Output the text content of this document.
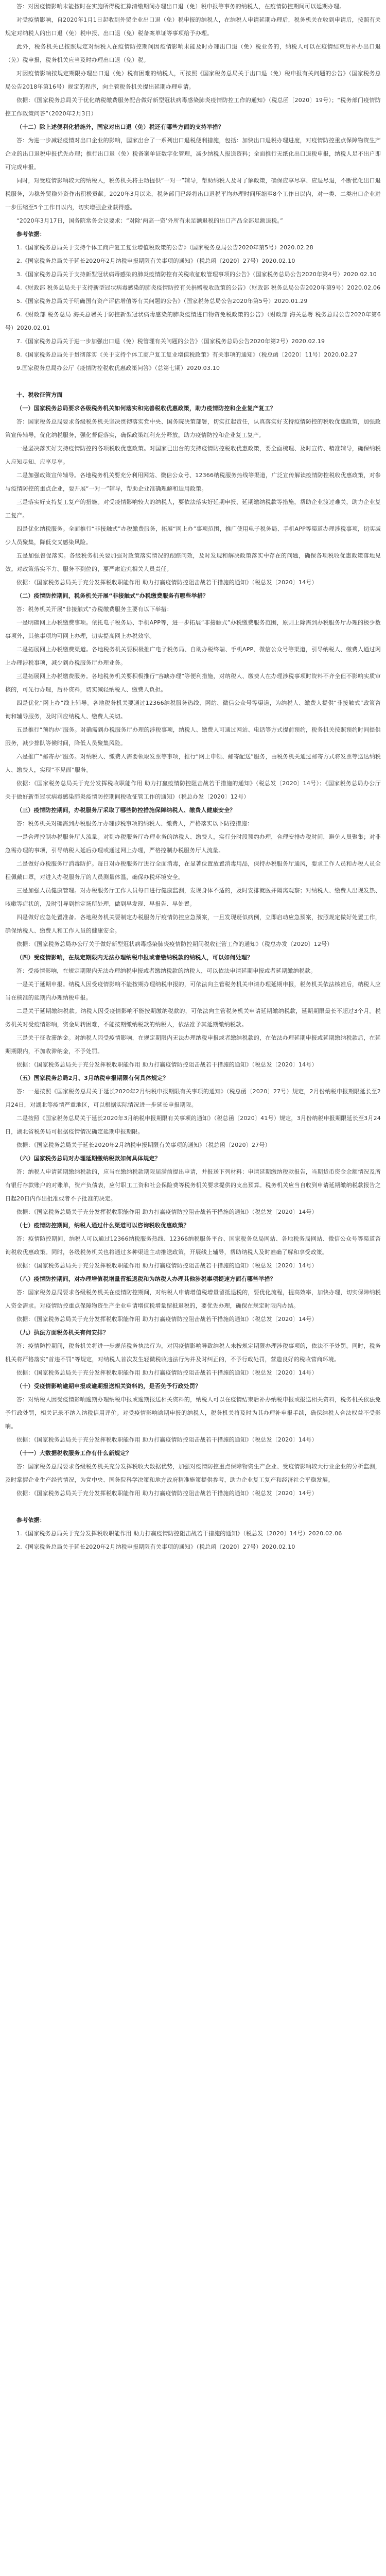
答：对因疫情影响未能按时在实施所得税汇算清缴期间办理出口退（免）税申报等事务的纳税人，在疫情防控期间可以延期办理。

对受疫情影响，自2020年1月1日起收到外贸企业出口退（免）税申报的纳税人，在纳税人申请延期办理后，税务机关在收到申请后，按照有关规定对纳税人的出口退（免）税申报、出口退（免）税备案单证等事项给予办理。

此外，税务机关已按照规定对纳税人在疫情防控期间因疫情影响未能及时办理出口退（免）税业务的，纳税人可以在疫情结束后补办出口退（免）税申报，税务机关应当及时办理出口退（免）税。

对因疫情影响按规定期限办理出口退（免）税有困难的纳税人，可按照《国家税务总局关于出口退（免）税申报有关问题的公告》（国家税务总局公告2018年第16号）规定的程序，向主管税务机关提出延期办理申请。

依据：《国家税务总局关于优化纳税缴费服务配合做好新型冠状病毒感染肺炎疫情防控工作的通知》（税总函〔2020〕19号）；“税务部门疫情防控工作政策问答”（2020年2月3日）

（十二）除上述便利化措施外，国家对出口退（免）税还有哪些方面的支持举措？

答：为进一步减轻疫情对出口企业的影响，国家出台了一系列出口退税便利措施，包括：加快出口退税办理进度，对疫情防控重点保障物资生产企业的出口退税申报优先办理；推行出口退（免）税备案单证数字化管理，减少纳税人报送资料；全面推行无纸化出口退税申报，纳税人足不出户即可完成申报。

同时，对受疫情影响较大的纳税人，税务机关将主动提供“一对一”辅导，帮助纳税人及时了解政策，确保应享尽享、应退尽退，不断优化出口退税服务，为稳外贸稳外资作出积极贡献。2020年3月以来，税务部门已经将出口退税平均办理时间压缩至8个工作日以内，对一类、二类出口企业进一步压缩至5个工作日以内，切实增强企业获得感。

“2020年3月17日，国务院常务会议要求：“对除‘两高一资’外所有未足额退税的出口产品全部足额退税。”

参考依据：

1.《国家税务总局关于支持个体工商户复工复业增值税政策的公告》（国家税务总局公告2020年第5号）2020.02.28

2.《国家税务总局关于延长2020年2月纳税申报期限有关事项的通知》（税总函〔2020〕27号）2020.02.10

3.《国家税务总局关于支持新型冠状病毒感染的肺炎疫情防控有关税收征收管理事项的公告》（国家税务总局公告2020年第4号）2020.02.10

4.《财政部 税务总局关于支持新型冠状病毒感染的肺炎疫情防控有关捐赠税收政策的公告》（财政部 税务总局公告2020年第9号）2020.02.06

5.《国家税务总局关于明确国有资产评估增值等有关问题的公告》（国家税务总局公告2020年第5号）2020.01.29

6.《财政部 税务总局 海关总署关于防控新型冠状病毒感染的肺炎疫情进口物资免税政策的公告》（财政部 海关总署 税务总局公告2020年第6号）2020.02.01

7.《国家税务总局关于进一步加强出口退（免）税管理有关问题的公告》（国家税务总局公告2020年第2号）2020.02.19

8.《国家税务总局关于贯彻落实《关于支持个体工商户复工复业增值税政策》有关事项的通知》（税总函〔2020〕11号）2020.02.27

9.国家税务总局办公厅《疫情防控税收优惠政策问答》（总第七期）2020.03.10

十、税收征管方面

（一）国家税务总局要求各级税务机关如何落实和完善税收优惠政策，助力疫情防控和企业复产复工？

答：国家税务总局要求各级税务机关坚决贯彻落实党中央、国务院决策部署，切实扛起责任，认真落实好支持疫情防控的税收优惠政策，加强政策宣传辅导，优化纳税服务，强化督促落实，确保政策红利充分释放，助力疫情防控和企业复工复产。

一是坚决落实好支持疫情防控的各项税收优惠政策。对国家已出台的支持疫情防控税收优惠政策，要全面梳理、及时宣传、精准辅导，确保纳税人应知尽知、应享尽享。

二是加强政策宣传辅导。各地税务机关要充分利用网站、微信公众号、12366纳税服务热线等渠道，广泛宣传解读疫情防控税收优惠政策，对参与疫情防控的重点企业，要开展“一对一”辅导，帮助企业准确理解和适用政策。

三是落实好支持复工复产的措施。对受疫情影响较大的纳税人，要依法落实好延期申报、延期缴纳税款等措施，帮助企业渡过难关，助力企业复工复产。

四是优化纳税服务。全面推行“非接触式”办税缴费服务，拓展“网上办”事项范围，推广使用电子税务局、手机APP等渠道办理涉税事项，切实减少人员聚集，降低交叉感染风险。

五是加强督促落实。各级税务机关要加强对政策落实情况的跟踪问效，及时发现和解决政策落实中存在的问题，确保各项税收优惠政策落地见效。对政策落实不力、服务不到位的，要严肃追究相关人员责任。

依据：《国家税务总局关于充分发挥税收职能作用 助力打赢疫情防控阻击战若干措施的通知》（税总发〔2020〕14号）

（二）疫情防控期间，税务机关开展“非接触式”办税缴费服务有哪些举措？

答：税务机关开展“非接触式”办税缴费服务主要有以下举措：

一是明确网上办税缴费事项。依托电子税务局、手机APP等，进一步拓展“非接触式”办税缴费服务范围，原则上除需到办税服务厅办理的极少数事项外，其他事项均可网上办理，切实提高网上办税效率。

二是拓展网上办税缴费渠道。各地税务机关要积极推广电子税务局、自助办税终端、手机APP、微信公众号等渠道，引导纳税人、缴费人通过网上办理涉税事项，减少到办税服务厅办理业务。

三是拓展网上办税缴费服务。各地税务机关要积极推行“容缺办理”等便利措施，对纳税人、缴费人在办理涉税事项时资料不齐全但不影响实质审核的，可先行办理，后补资料，切实减轻纳税人、缴费人负担。

四是优化“网上办”线上辅导。各地税务机关要通过12366纳税服务热线、网站、微信公众号等渠道，为纳税人、缴费人提供“非接触式”政策咨询和辅导服务，及时回应纳税人、缴费人关切。

五是推行“预约办”服务。对确需到办税服务厅办理的涉税事项，纳税人、缴费人可通过网站、电话等方式提前预约，税务机关按照预约时间提供服务，减少排队等候时间，降低人员聚集风险。

六是推广“邮寄办”服务。对纳税人、缴费人需要领取发票等事项，推行“网上申领、邮寄配送”服务，由税务机关通过邮寄方式将发票等送达纳税人、缴费人，实现“不见面”服务。

依据：《国家税务总局关于充分发挥税收职能作用 助力打赢疫情防控阻击战若干措施的通知》（税总发〔2020〕14号）；《国家税务总局办公厅关于做好新型冠状病毒感染肺炎疫情防控期间税收征管工作的通知》（税总办发〔2020〕12号）

（三）疫情防控期间，办税服务厅采取了哪些防控措施保障纳税人、缴费人健康安全？

答：税务机关对确需到办税服务厅办理涉税事项的纳税人、缴费人，严格落实以下防控措施：

一是合理控制办税服务厅人流量。对到办税服务厅办理业务的纳税人、缴费人，实行分时段预约办理，合理安排办税时间，避免人员聚集；对非急需办理的事项，引导纳税人延后办理或通过网上办理，严格控制办税服务厅人流量。

二是做好办税服务厅消毒防护。每日对办税服务厅进行全面消毒，在显著位置放置消毒用品，保持办税服务厅通风，要求工作人员和办税人员全程佩戴口罩，对进入办税服务厅的人员测量体温，确保办税环境安全。

三是加强人员健康管理。对办税服务厅工作人员每日进行健康监测，发现身体不适的，及时安排就医并隔离观察；对纳税人、缴费人出现发热、咳嗽等症状的，及时引导到指定场所处理，做到早发现、早报告、早处置。

四是做好应急处置准备。各地税务机关要制定办税服务厅疫情防控应急预案，一旦发现疑似病例，立即启动应急预案，按照规定做好处置工作，确保纳税人、缴费人和工作人员的健康安全。

依据：《国家税务总局办公厅关于做好新型冠状病毒感染肺炎疫情防控期间税收征管工作的通知》（税总办发〔2020〕12号）

（四）受疫情影响，在规定期限内无法办理纳税申报或者缴纳税款的纳税人，可以如何处理？

答：受疫情影响，在规定期限内无法办理纳税申报或者缴纳税款的纳税人，可以依法申请延期申报或者延期缴纳税款。

一是关于延期申报。纳税人因受疫情影响不能按期办理纳税申报的，可依法向主管税务机关申请办理延期申报，税务机关依法核准后，纳税人应当在核准的延期内办理纳税申报。

二是关于延期缴纳税款。纳税人因受疫情影响不能按期缴纳税款的，可依法向主管税务机关申请延期缴纳税款，延期期限最长不超过3个月。税务机关对受疫情影响，资金周转困难，不能按期缴纳税款的纳税人，依法准予其延期缴纳税款。

三是关于征收滞纳金。对纳税人因受疫情影响，在规定期限内无法办理纳税申报或者缴纳税款的，在依法办理延期申报或延期缴纳税款后，在延期期限内，不加收滞纳金，不予处罚。

依据：《国家税务总局关于充分发挥税收职能作用 助力打赢疫情防控阻击战若干措施的通知》（税总发〔2020〕14号）

（五）国家税务总局2月、3月纳税申报期限有何具体规定？

答：一是按照《国家税务总局关于延长2020年2月纳税申报期限有关事项的通知》（税总函〔2020〕27号）规定，2月份纳税申报期限延长至2月24日，对湖北等疫情严重地区，可以根据实际情况进一步延长申报期限。

二是按照《国家税务总局关于延长2020年3月纳税申报期限有关事项的通知》（税总函〔2020〕41号）规定，3月份纳税申报期限延长至3月24日，湖北省税务局可根据疫情情况确定延期申报期限。

依据：《国家税务总局关于延长2020年2月纳税申报期限有关事项的通知》（税总函〔2020〕27号）

（六）国家税务总局对办理延期缴纳税款如何具体规定？

答：纳税人申请延期缴纳税款的，应当在缴纳税款期限届满前提出申请，并报送下列材料：申请延期缴纳税款报告，当期货币资金余额情况及所有银行存款账户的对账单，资产负债表，应付职工工资和社会保险费等税务机关要求提供的支出预算。税务机关应当自收到申请延期缴纳税款报告之日起20日内作出批准或者不予批准的决定。

依据：《国家税务总局关于充分发挥税收职能作用 助力打赢疫情防控阻击战若干措施的通知》（税总发〔2020〕14号）

（七）疫情防控期间，纳税人通过什么渠道可以咨询税收优惠政策？

答：疫情防控期间，纳税人可以通过12366纳税服务热线、12366纳税服务平台、国家税务总局网站、各地税务局网站、微信公众号等渠道咨询税收优惠政策。同时，各级税务机关也将通过多种渠道主动推送政策，开展线上辅导，帮助纳税人及时准确了解和享受政策。

依据：《国家税务总局关于充分发挥税收职能作用 助力打赢疫情防控阻击战若干措施的通知》（税总发〔2020〕14号）

（八）疫情防控期间，对办理增值税增量留抵退税和为纳税人办理其他涉税事项提速方面有哪些举措？

答：国家税务总局要求各级税务机关在疫情防控期间，对纳税人申请增值税增量留抵退税的，要优化流程，提高效率，加快办理，切实保障纳税人资金需求。对疫情防控重点保障物资生产企业申请增值税增量留抵退税的，要优先办理，确保在规定时限内办结。

依据：《国家税务总局关于充分发挥税收职能作用 助力打赢疫情防控阻击战若干措施的通知》（税总发〔2020〕14号）

（九）执法方面税务机关有何安排？

答：疫情防控期间，税务机关将进一步规范税务执法行为，对因疫情影响导致纳税人未按规定期限办理涉税事项的，依法不予处罚。同时，税务机关将严格落实“首违不罚”等规定，对纳税人首次发生轻微税收违法行为并及时纠正的，不予行政处罚，营造良好的税收营商环境。

依据：《国家税务总局关于充分发挥税收职能作用 助力打赢疫情防控阻击战若干措施的通知》（税总发〔2020〕14号）

（十）受疫情影响逾期申报或逾期报送相关资料的，是否免予行政处罚？

答：对纳税人因受疫情影响逾期办理纳税申报或逾期报送相关资料的，纳税人可以在疫情结束后补办纳税申报或报送相关资料，税务机关依法免予行政处罚，相关记录不纳入纳税信用评价。对受疫情影响逾期申报的纳税人，税务机关将及时为其办理补申报手续，确保纳税人合法权益不受影响。

依据：《国家税务总局关于充分发挥税收职能作用 助力打赢疫情防控阻击战若干措施的通知》（税总发〔2020〕14号）

（十一）大数据税收服务工作有什么新规定？

答：国家税务总局要求各级税务机关充分发挥税收大数据优势，加强对疫情防控重点保障物资生产企业、受疫情影响较大行业企业的分析监测，及时掌握企业生产经营情况，为党中央、国务院科学决策和地方政府精准施策提供参考，助力企业复工复产和经济社会平稳发展。

依据：《国家税务总局关于充分发挥税收职能作用 助力打赢疫情防控阻击战若干措施的通知》（税总发〔2020〕14号）

参考依据：

1.《国家税务总局关于充分发挥税收职能作用 助力打赢疫情防控阻击战若干措施的通知》（税总发〔2020〕14号）2020.02.06

2.《国家税务总局关于延长2020年2月纳税申报期限有关事项的通知》（税总函〔2020〕27号）2020.02.10
